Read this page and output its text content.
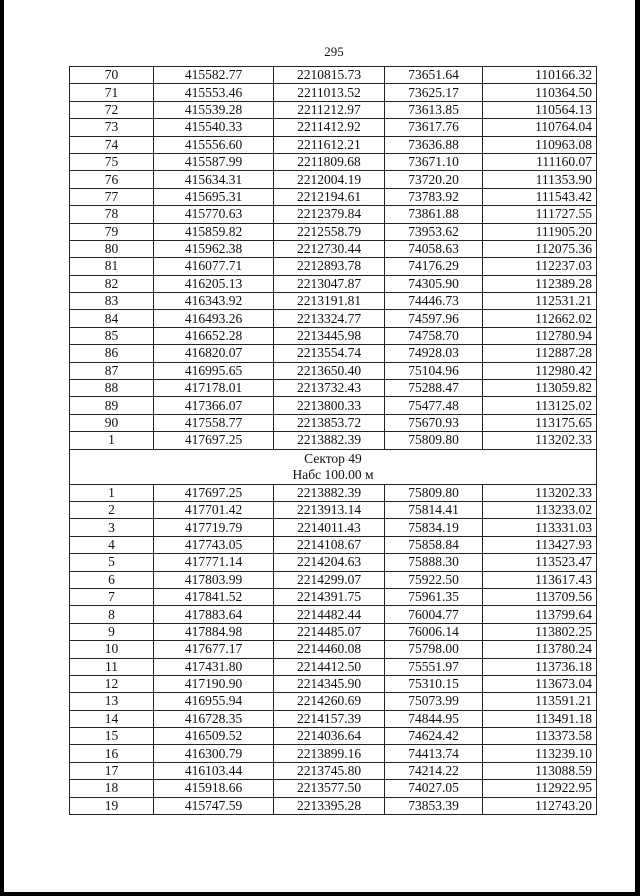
295
70	415582.77	2210815.73	73651.64	110166.32
71	415553.46	2211013.52	73625.17	110364.50
72	415539.28	2211212.97	73613.85	110564.13
73	415540.33	2211412.92	73617.76	110764.04
74	415556.60	2211612.21	73636.88	110963.08
75	415587.99	2211809.68	73671.10	111160.07
76	415634.31	2212004.19	73720.20	111353.90
77	415695.31	2212194.61	73783.92	111543.42
78	415770.63	2212379.84	73861.88	111727.55
79	415859.82	2212558.79	73953.62	111905.20
80	415962.38	2212730.44	74058.63	112075.36
81	416077.71	2212893.78	74176.29	112237.03
82	416205.13	2213047.87	74305.90	112389.28
83	416343.92	2213191.81	74446.73	112531.21
84	416493.26	2213324.77	74597.96	112662.02
85	416652.28	2213445.98	74758.70	112780.94
86	416820.07	2213554.74	74928.03	112887.28
87	416995.65	2213650.40	75104.96	112980.42
88	417178.01	2213732.43	75288.47	113059.82
89	417366.07	2213800.33	75477.48	113125.02
90	417558.77	2213853.72	75670.93	113175.65
1	417697.25	2213882.39	75809.80	113202.33

Сектор 49
Набс 100.00 м				

1	417697.25	2213882.39	75809.80	113202.33
2	417701.42	2213913.14	75814.41	113233.02
3	417719.79	2214011.43	75834.19	113331.03
4	417743.05	2214108.67	75858.84	113427.93
5	417771.14	2214204.63	75888.30	113523.47
6	417803.99	2214299.07	75922.50	113617.43
7	417841.52	2214391.75	75961.35	113709.56
8	417883.64	2214482.44	76004.77	113799.64
9	417884.98	2214485.07	76006.14	113802.25
10	417677.17	2214460.08	75798.00	113780.24
11	417431.80	2214412.50	75551.97	113736.18
12	417190.90	2214345.90	75310.15	113673.04
13	416955.94	2214260.69	75073.99	113591.21
14	416728.35	2214157.39	74844.95	113491.18
15	416509.52	2214036.64	74624.42	113373.58
16	416300.79	2213899.16	74413.74	113239.10
17	416103.44	2213745.80	74214.22	113088.59
18	415918.66	2213577.50	74027.05	112922.95
19	415747.59	2213395.28	73853.39	112743.20
